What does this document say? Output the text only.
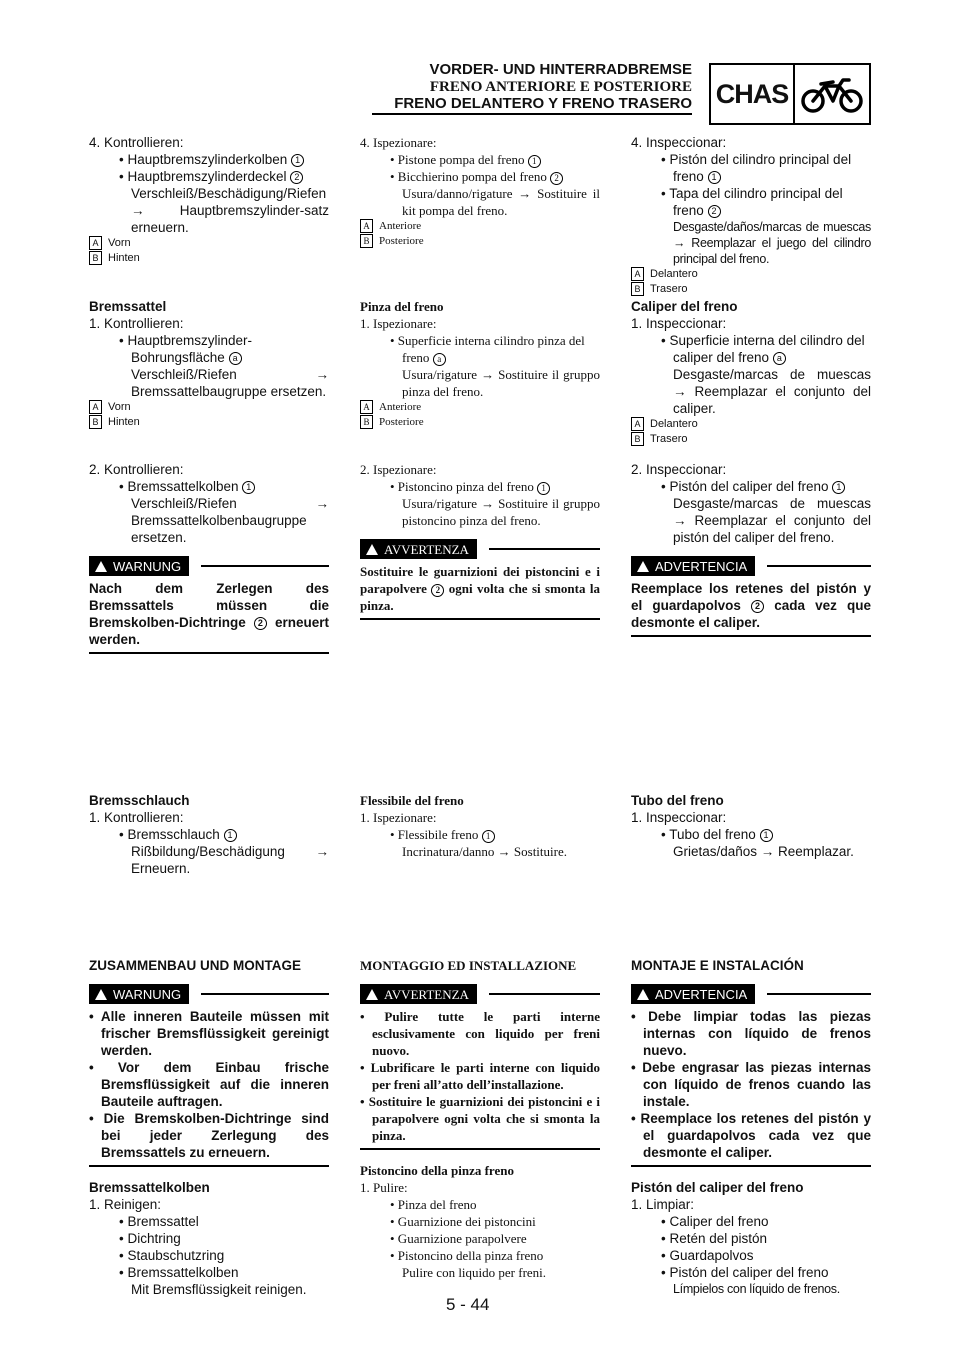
VORDER- UND HINTERRADBREMSE
FRENO ANTERIORE E POSTERIORE
FRENO DELANTERO Y FRENO TRASERO CHAS

4. Kontrollieren:

• Hauptbremszylinderkolben 1

• Hauptbremszylinderdeckel 2

Verschleiß/Beschädigung/Riefen → Hauptbremszylinder-satz erneuern.

A Vorn

B Hinten

Bremssattel

1. Kontrollieren:

• Hauptbremszylinder-Bohrungsfläche a

Verschleiß/Riefen → Bremssattelbaugruppe ersetzen.

A Vorn

B Hinten

2. Kontrollieren:

• Bremssattelkolben 1

Verschleiß/Riefen → Bremssattelkolbenbaugruppe ersetzen.

WARNUNG

Nach dem Zerlegen des Bremssattels müssen die Bremskolben-Dichtringe 2 erneuert werden.

Bremsschlauch

1. Kontrollieren:

• Bremsschlauch 1

Rißbildung/Beschädigung → Erneuern.

ZUSAMMENBAU UND MONTAGE

WARNUNG

• Alle inneren Bauteile müssen mit frischer Bremsflüssigkeit gereinigt werden.

• Vor dem Einbau frische Bremsflüssigkeit auf die inneren Bauteile auftragen.

• Die Bremskolben-Dichtringe sind bei jeder Zerlegung des Bremssattels zu erneuern.

Bremssattelkolben

1. Reinigen:

• Bremssattel

• Dichtring

• Staubschutzring

• Bremssattelkolben

Mit Bremsflüssigkeit reinigen.

4. Ispezionare:

• Pistone pompa del freno 1

• Bicchierino pompa del freno 2

Usura/danno/rigature → Sostituire il kit pompa del freno.

A Anteriore

B Posteriore

Pinza del freno

1. Ispezionare:

• Superficie interna cilindro pinza del freno a

Usura/rigature → Sostituire il gruppo pinza del freno.

A Anteriore

B Posteriore

2. Ispezionare:

• Pistoncino pinza del freno 1

Usura/rigature → Sostituire il gruppo pistoncino pinza del freno.

AVVERTENZA

Sostituire le guarnizioni dei pistoncini e i parapolvere 2 ogni volta che si smonta la pinza.

Flessibile del freno

1. Ispezionare:

• Flessibile freno 1

Incrinatura/danno → Sostituire.

MONTAGGIO ED INSTALLAZIONE

AVVERTENZA

• Pulire tutte le parti interne esclusivamente con liquido per freni nuovo.

• Lubrificare le parti interne con liquido per freni all’atto dell’installazione.

• Sostituire le guarnizioni dei pistoncini e i parapolvere ogni volta che si smonta la pinza.

Pistoncino della pinza freno

1. Pulire:

• Pinza del freno

• Guarnizione dei pistoncini

• Guarnizione parapolvere

• Pistoncino della pinza freno

Pulire con liquido per freni.

4. Inspeccionar:

• Pistón del cilindro principal del freno 1

• Tapa del cilindro principal del freno 2

Desgaste/daños/marcas de muescas → Reemplazar el juego del cilindro principal del freno.

A Delantero

B Trasero

Caliper del freno

1. Inspeccionar:

• Superficie interna del cilindro del caliper del freno a

Desgaste/marcas de muescas → Reemplazar el conjunto del caliper.

A Delantero

B Trasero

2. Inspeccionar:

• Pistón del caliper del freno 1

Desgaste/marcas de muescas → Reemplazar el conjunto del pistón del caliper del freno.

ADVERTENCIA

Reemplace los retenes del pistón y el guardapolvos 2 cada vez que desmonte el caliper.

Tubo del freno

1. Inspeccionar:

• Tubo del freno 1

Grietas/daños → Reemplazar.

MONTAJE E INSTALACIÓN

ADVERTENCIA

• Debe limpiar todas las piezas internas con líquido de frenos nuevo.

• Debe engrasar las piezas internas con líquido de frenos cuando las instale.

• Reemplace los retenes del pistón y el guardapolvos cada vez que desmonte el caliper.

Pistón del caliper del freno

1. Limpiar:

• Caliper del freno

• Retén del pistón

• Guardapolvos

• Pistón del caliper del freno

Límpielos con líquido de frenos.

5 - 44
